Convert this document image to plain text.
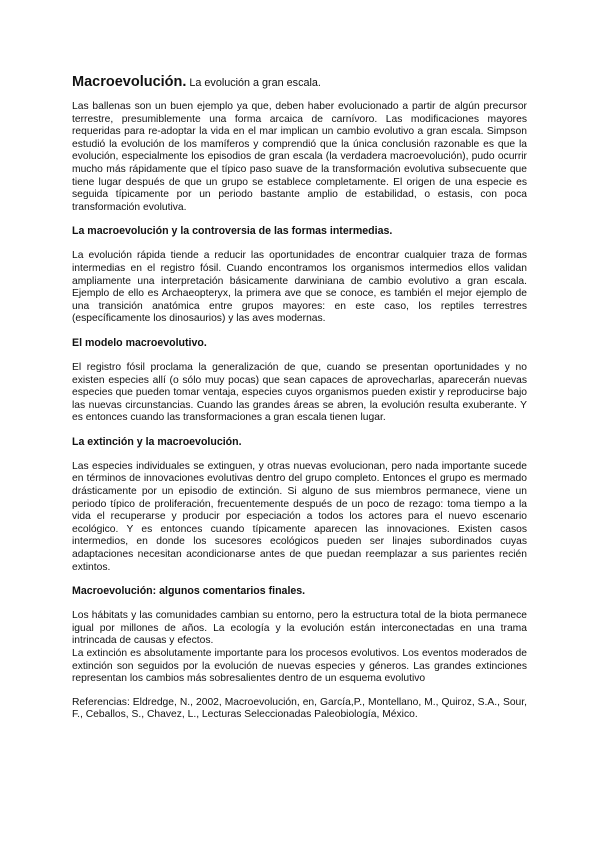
Macroevolución. La evolución a gran escala.

Las ballenas son un buen ejemplo ya que, deben haber evolucionado a partir de algún precursor terrestre, presumiblemente una forma arcaica de carnívoro. Las modificaciones mayores requeridas para re-adoptar la vida en el mar implican un cambio evolutivo a gran escala. Simpson estudió la evolución de los mamíferos y comprendió que la única conclusión razonable es que la evolución, especialmente los episodios de gran escala (la verdadera macroevolución), pudo ocurrir mucho más rápidamente que el típico paso suave de la transformación evolutiva subsecuente que tiene lugar después de que un grupo se establece completamente. El origen de una especie es seguida típicamente por un periodo bastante amplio de estabilidad, o estasis, con poca transformación evolutiva.

La macroevolución y la controversia de las formas intermedias.

La evolución rápida tiende a reducir las oportunidades de encontrar cualquier traza de formas intermedias en el registro fósil. Cuando encontramos los organismos intermedios ellos validan ampliamente una interpretación básicamente darwiniana de cambio evolutivo a gran escala. Ejemplo de ello es Archaeopteryx, la primera ave que se conoce, es también el mejor ejemplo de una transición anatómica entre grupos mayores: en este caso, los reptiles terrestres (específicamente los dinosaurios) y las aves modernas.

El modelo macroevolutivo.

El registro fósil proclama la generalización de que, cuando se presentan oportunidades y no existen especies allí (o sólo muy pocas) que sean capaces de aprovecharlas, aparecerán nuevas especies que pueden tomar ventaja, especies cuyos organismos pueden existir y reproducirse bajo las nuevas circunstancias. Cuando las grandes áreas se abren, la evolución resulta exuberante. Y es entonces cuando las transformaciones a gran escala tienen lugar.

La extinción y la macroevolución.

Las especies individuales se extinguen, y otras nuevas evolucionan, pero nada importante sucede en términos de innovaciones evolutivas dentro del grupo completo. Entonces el grupo es mermado drásticamente por un episodio de extinción. Si alguno de sus miembros permanece, viene un periodo típico de proliferación, frecuentemente después de un poco de rezago: toma tiempo a la vida el recuperarse y producir por especiación a todos los actores para el nuevo escenario ecológico. Y es entonces cuando típicamente aparecen las innovaciones. Existen casos intermedios, en donde los sucesores ecológicos pueden ser linajes subordinados cuyas adaptaciones necesitan acondicionarse antes de que puedan reemplazar a sus parientes recién extintos.

Macroevolución: algunos comentarios finales.

Los hábitats y las comunidades cambian su entorno, pero la estructura total de la biota permanece igual por millones de años. La ecología y la evolución están interconectadas en una trama intrincada de causas y efectos.

La extinción es absolutamente importante para los procesos evolutivos. Los eventos moderados de extinción son seguidos por la evolución de nuevas especies y géneros. Las grandes extinciones representan los cambios más sobresalientes dentro de un esquema evolutivo

Referencias: Eldredge, N., 2002, Macroevolución, en, García,P., Montellano, M., Quiroz, S.A., Sour, F., Ceballos, S., Chavez, L., Lecturas Seleccionadas Paleobiología, México.
